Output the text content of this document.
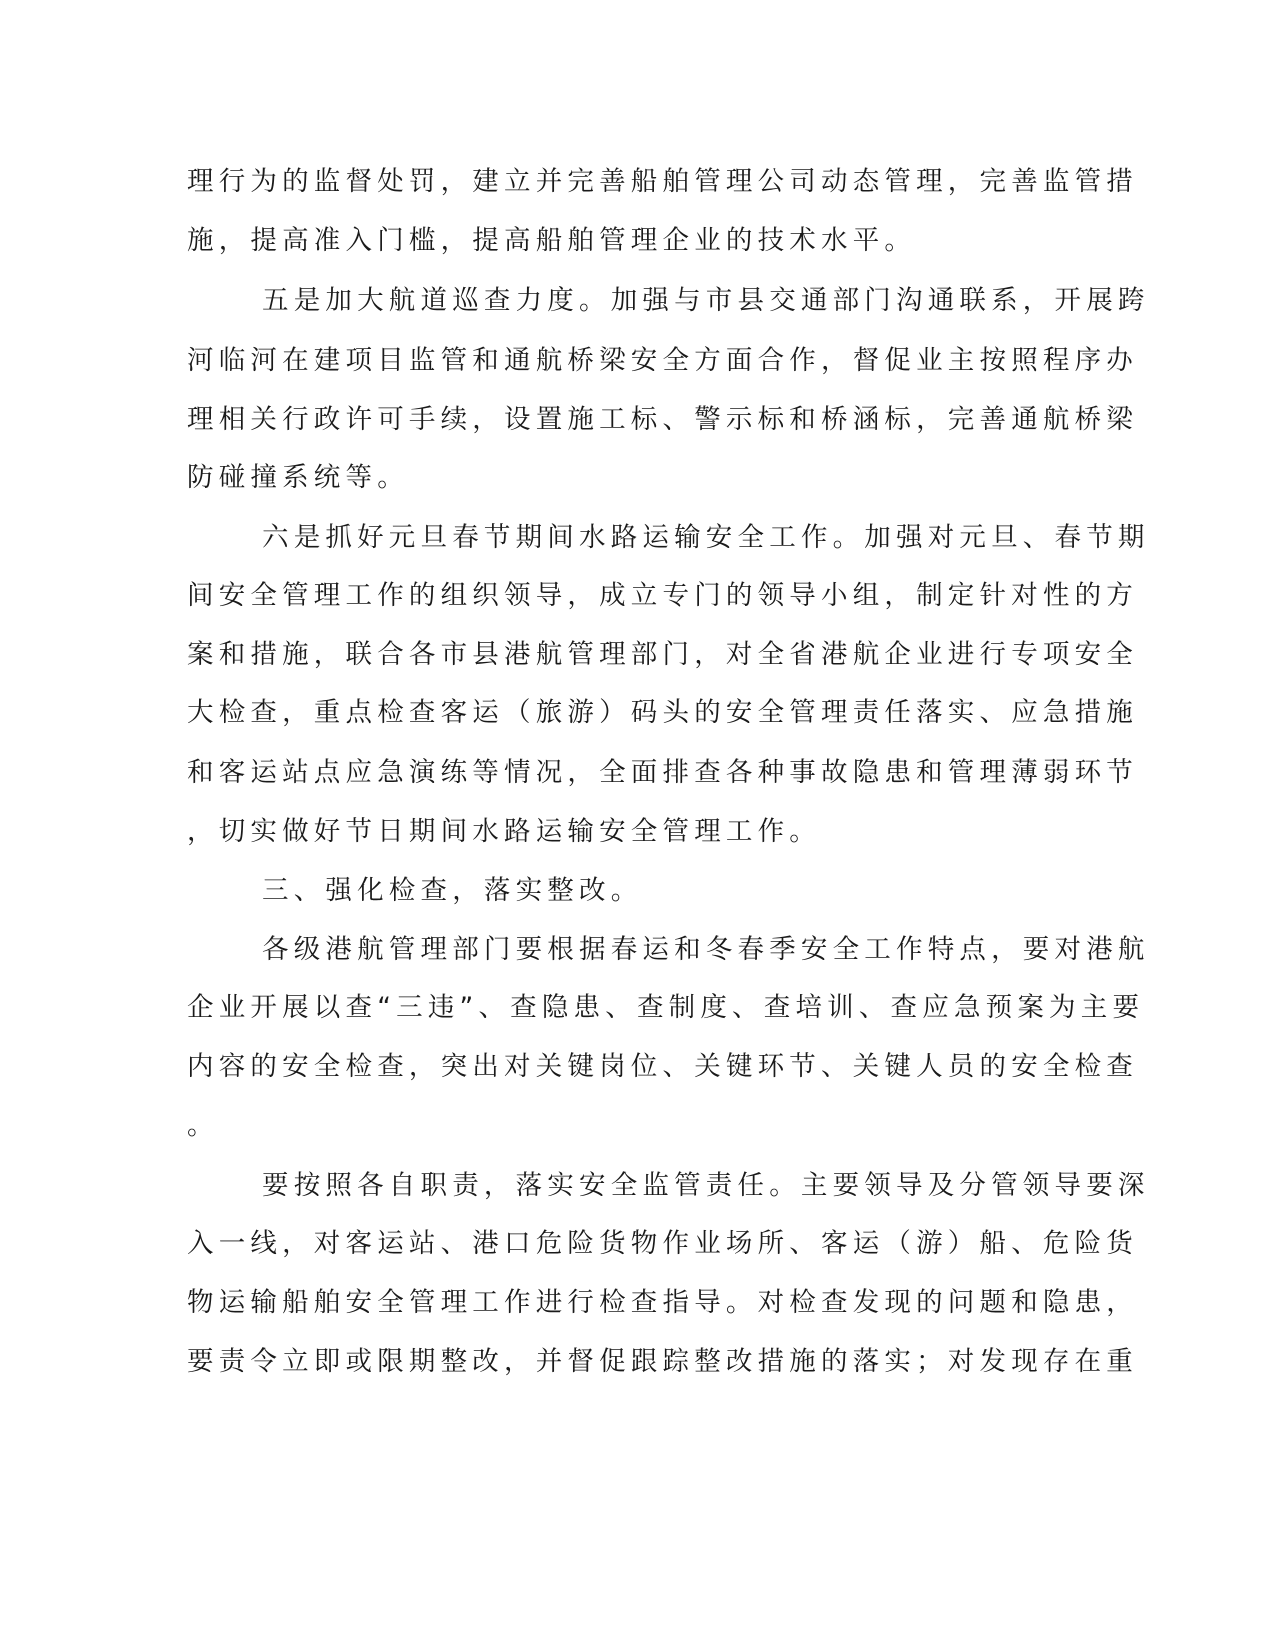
理行为的监督处罚，建立并完善船舶管理公司动态管理，完善监管措
施，提高准入门槛，提高船舶管理企业的技术水平。
五是加大航道巡查力度。加强与市县交通部门沟通联系，开展跨
河临河在建项目监管和通航桥梁安全方面合作，督促业主按照程序办
理相关行政许可手续，设置施工标、警示标和桥涵标，完善通航桥梁
防碰撞系统等。
六是抓好元旦春节期间水路运输安全工作。加强对元旦、春节期
间安全管理工作的组织领导，成立专门的领导小组，制定针对性的方
案和措施，联合各市县港航管理部门，对全省港航企业进行专项安全
大检查，重点检查客运（旅游）码头的安全管理责任落实、应急措施
和客运站点应急演练等情况，全面排查各种事故隐患和管理薄弱环节
，切实做好节日期间水路运输安全管理工作。
三、强化检查，落实整改。
各级港航管理部门要根据春运和冬春季安全工作特点，要对港航
企业开展以查“三违”、查隐患、查制度、查培训、查应急预案为主要
内容的安全检查，突出对关键岗位、关键环节、关键人员的安全检查
。
要按照各自职责，落实安全监管责任。主要领导及分管领导要深
入一线，对客运站、港口危险货物作业场所、客运（游）船、危险货
物运输船舶安全管理工作进行检查指导。对检查发现的问题和隐患，
要责令立即或限期整改，并督促跟踪整改措施的落实；对发现存在重
